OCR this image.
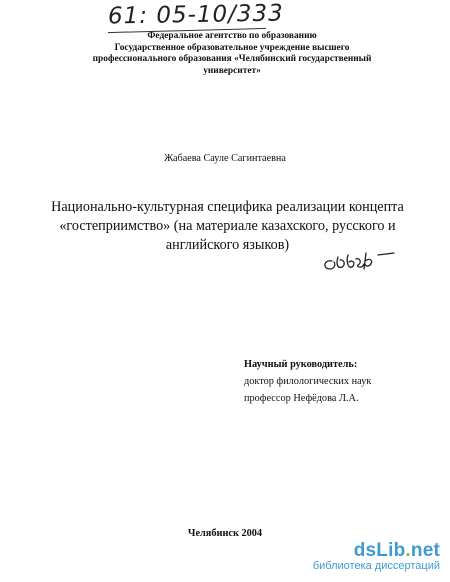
61: 05-10/333
Федеральное агентство по образованию
Государственное образовательное учреждение высшего
профессионального образования «Челябинский государственный
университет»
Жабаева Сауле Сагинтаевна
Национально-культурная специфика реализации концепта
«гостеприимство» (на материале казахского, русского и
английского языков)
Научный руководитель:
доктор филологических наук
профессор Нефёдова Л.А.
Челябинск 2004
dsLib.net
библиотека диссертаций
